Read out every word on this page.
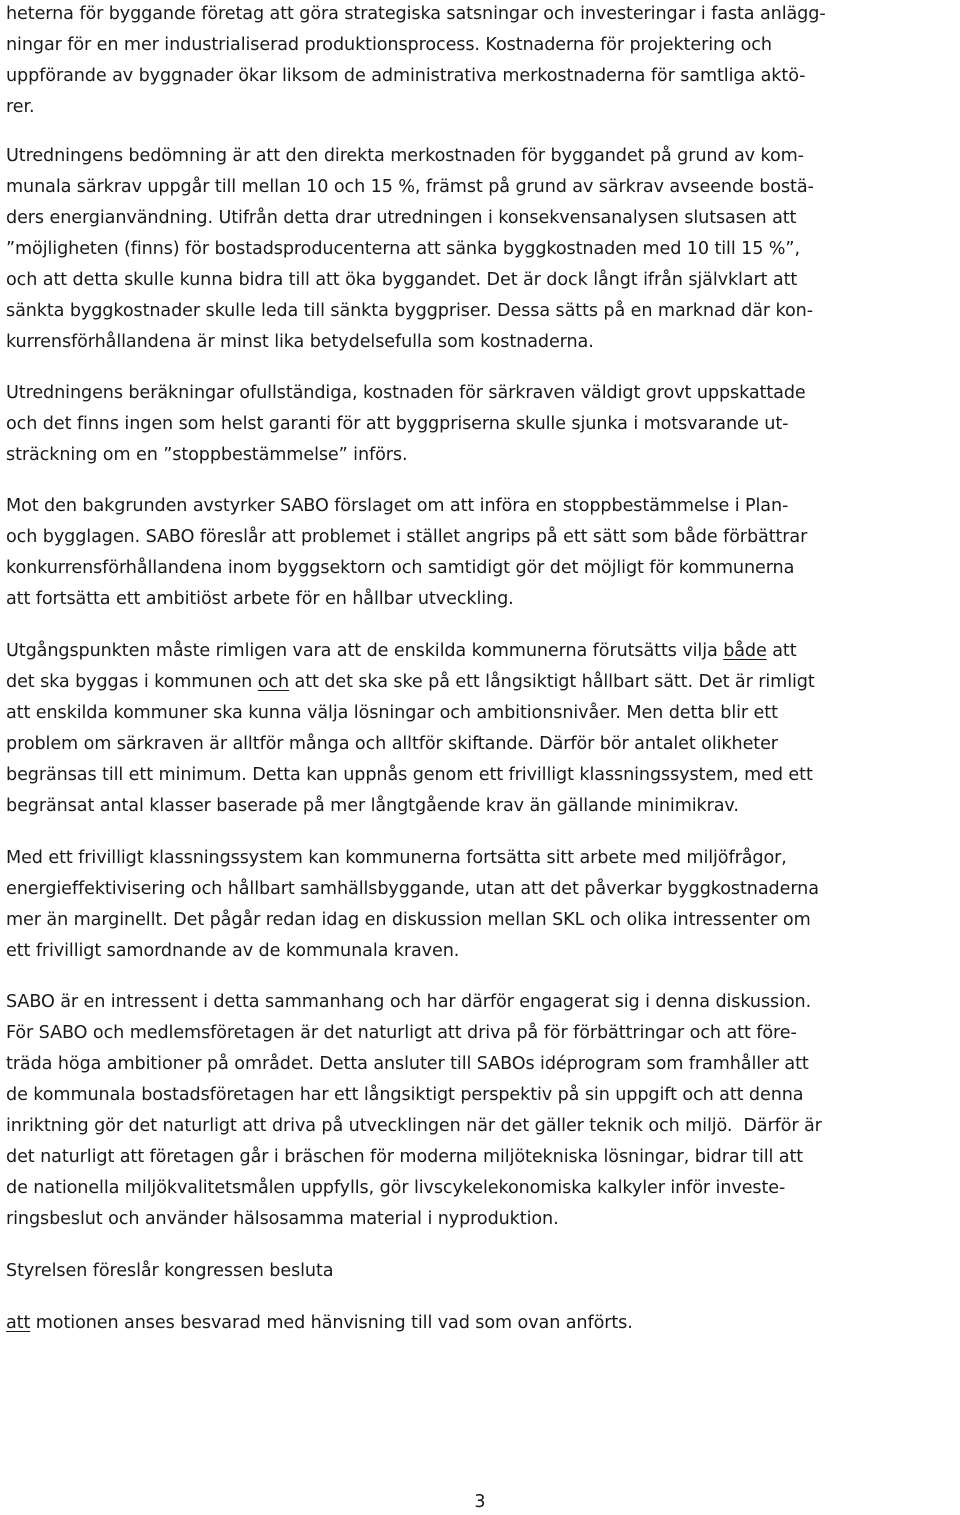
heterna för byggande företag att göra strategiska satsningar och investeringar i fasta anlägg-
ningar för en mer industrialiserad produktionsprocess. Kostnaderna för projektering och
uppförande av byggnader ökar liksom de administrativa merkostnaderna för samtliga aktö-
rer.
Utredningens bedömning är att den direkta merkostnaden för byggandet på grund av kom-
munala särkrav uppgår till mellan 10 och 15 %, främst på grund av särkrav avseende bostä-
ders energianvändning. Utifrån detta drar utredningen i konsekvensanalysen slutsasen att
”möjligheten (finns) för bostadsproducenterna att sänka byggkostnaden med 10 till 15 %”,
och att detta skulle kunna bidra till att öka byggandet. Det är dock långt ifrån självklart att
sänkta byggkostnader skulle leda till sänkta byggpriser. Dessa sätts på en marknad där kon-
kurrensförhållandena är minst lika betydelsefulla som kostnaderna.
Utredningens beräkningar ofullständiga, kostnaden för särkraven väldigt grovt uppskattade
och det finns ingen som helst garanti för att byggpriserna skulle sjunka i motsvarande ut-
sträckning om en ”stoppbestämmelse” införs.
Mot den bakgrunden avstyrker SABO förslaget om att införa en stoppbestämmelse i Plan-
och bygglagen. SABO föreslår att problemet i stället angrips på ett sätt som både förbättrar
konkurrensförhållandena inom byggsektorn och samtidigt gör det möjligt för kommunerna
att fortsätta ett ambitiöst arbete för en hållbar utveckling.
Utgångspunkten måste rimligen vara att de enskilda kommunerna förutsätts vilja både att
det ska byggas i kommunen och att det ska ske på ett långsiktigt hållbart sätt. Det är rimligt
att enskilda kommuner ska kunna välja lösningar och ambitionsnivåer. Men detta blir ett
problem om särkraven är alltför många och alltför skiftande. Därför bör antalet olikheter
begränsas till ett minimum. Detta kan uppnås genom ett frivilligt klassningssystem, med ett
begränsat antal klasser baserade på mer långtgående krav än gällande minimikrav.
Med ett frivilligt klassningssystem kan kommunerna fortsätta sitt arbete med miljöfrågor,
energieffektivisering och hållbart samhällsbyggande, utan att det påverkar byggkostnaderna
mer än marginellt. Det pågår redan idag en diskussion mellan SKL och olika intressenter om
ett frivilligt samordnande av de kommunala kraven.
SABO är en intressent i detta sammanhang och har därför engagerat sig i denna diskussion.
För SABO och medlemsföretagen är det naturligt att driva på för förbättringar och att före-
träda höga ambitioner på området. Detta ansluter till SABOs idéprogram som framhåller att
de kommunala bostadsföretagen har ett långsiktigt perspektiv på sin uppgift och att denna
inriktning gör det naturligt att driva på utvecklingen när det gäller teknik och miljö.  Därför är
det naturligt att företagen går i bräschen för moderna miljötekniska lösningar, bidrar till att
de nationella miljökvalitetsmålen uppfylls, gör livscykelekonomiska kalkyler inför investe-
ringsbeslut och använder hälsosamma material i nyproduktion.
Styrelsen föreslår kongressen besluta
att motionen anses besvarad med hänvisning till vad som ovan anförts.
3
